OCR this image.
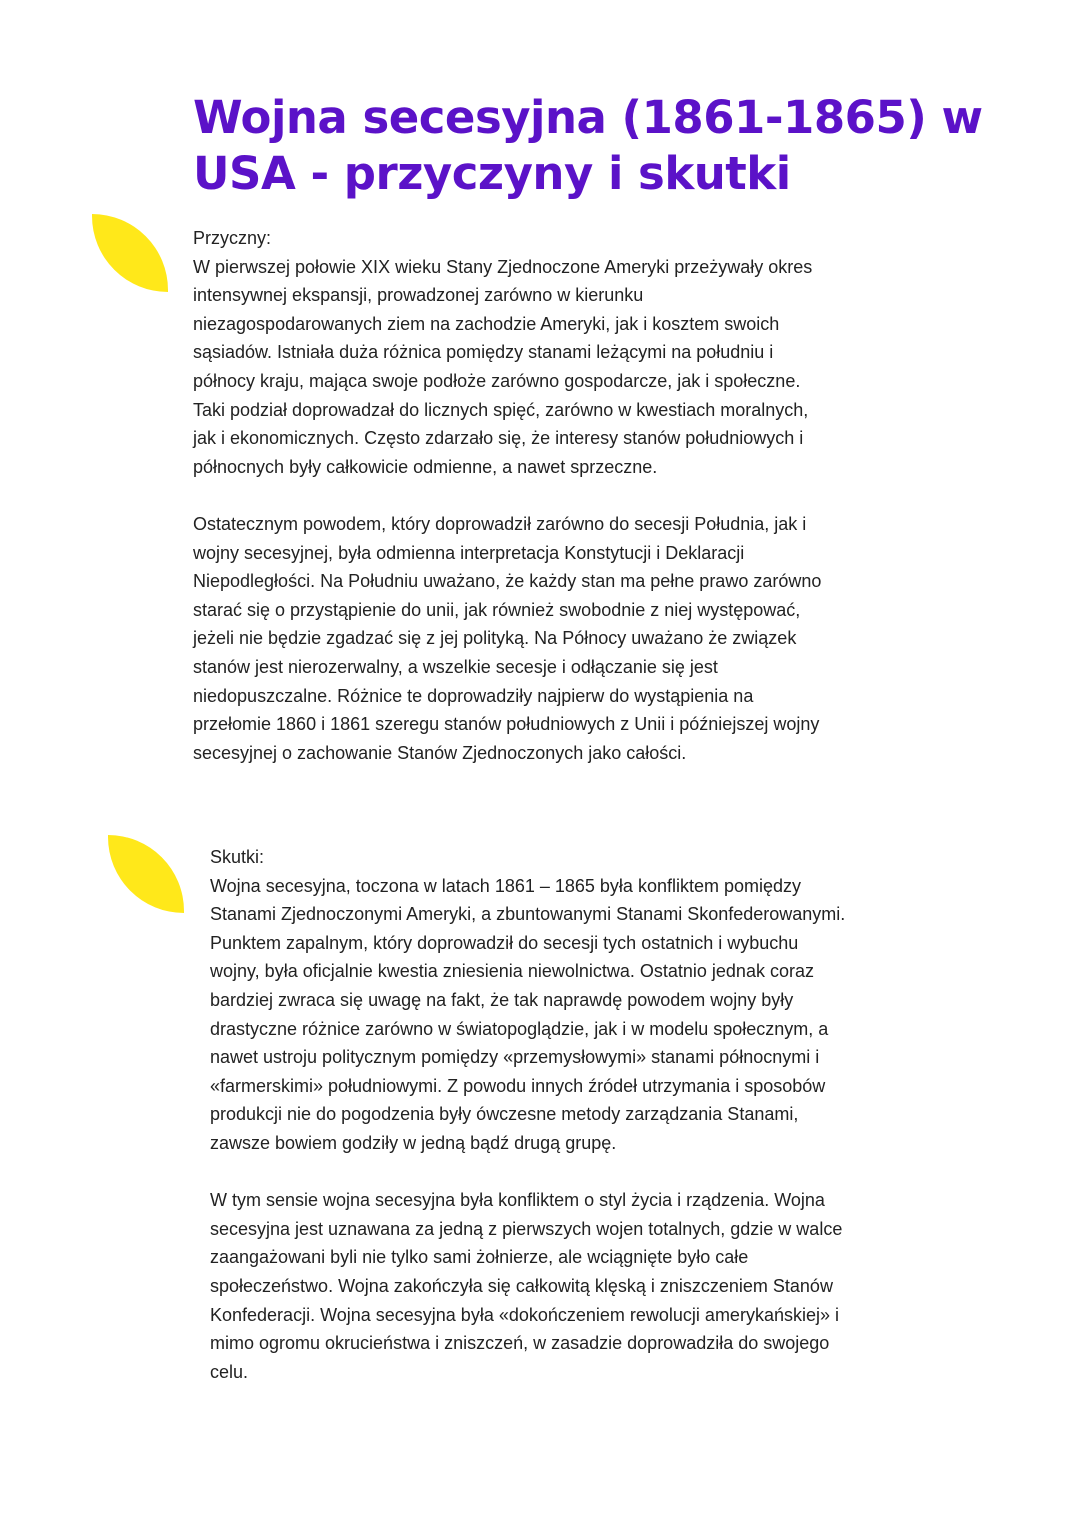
Wojna secesyjna (1861-1865) w
USA - przyczyny i skutki

Przyczny:

W pierwszej połowie XIX wieku Stany Zjednoczone Ameryki przeżywały okres
intensywnej ekspansji, prowadzonej zarówno w kierunku
niezagospodarowanych ziem na zachodzie Ameryki, jak i kosztem swoich
sąsiadów. Istniała duża różnica pomiędzy stanami leżącymi na południu i
północy kraju, mająca swoje podłoże zarówno gospodarcze, jak i społeczne.
Taki podział doprowadzał do licznych spięć, zarówno w kwestiach moralnych,
jak i ekonomicznych. Często zdarzało się, że interesy stanów południowych i
północnych były całkowicie odmienne, a nawet sprzeczne.

Ostatecznym powodem, który doprowadził zarówno do secesji Południa, jak i
wojny secesyjnej, była odmienna interpretacja Konstytucji i Deklaracji
Niepodległości. Na Południu uważano, że każdy stan ma pełne prawo zarówno
starać się o przystąpienie do unii, jak również swobodnie z niej występować,
jeżeli nie będzie zgadzać się z jej polityką. Na Północy uważano że związek
stanów jest nierozerwalny, a wszelkie secesje i odłączanie się jest
niedopuszczalne. Różnice te doprowadziły najpierw do wystąpienia na
przełomie 1860 i 1861 szeregu stanów południowych z Unii i późniejszej wojny
secesyjnej o zachowanie Stanów Zjednoczonych jako całości.

Skutki:

Wojna secesyjna, toczona w latach 1861 – 1865 była konfliktem pomiędzy
Stanami Zjednoczonymi Ameryki, a zbuntowanymi Stanami Skonfederowanymi.
Punktem zapalnym, który doprowadził do secesji tych ostatnich i wybuchu
wojny, była oficjalnie kwestia zniesienia niewolnictwa. Ostatnio jednak coraz
bardziej zwraca się uwagę na fakt, że tak naprawdę powodem wojny były
drastyczne różnice zarówno w światopoglądzie, jak i w modelu społecznym, a
nawet ustroju politycznym pomiędzy «przemysłowymi» stanami północnymi i
«farmerskimi» południowymi. Z powodu innych źródeł utrzymania i sposobów
produkcji nie do pogodzenia były ówczesne metody zarządzania Stanami,
zawsze bowiem godziły w jedną bądź drugą grupę.

W tym sensie wojna secesyjna była konfliktem o styl życia i rządzenia. Wojna
secesyjna jest uznawana za jedną z pierwszych wojen totalnych, gdzie w walce
zaangażowani byli nie tylko sami żołnierze, ale wciągnięte było całe
społeczeństwo. Wojna zakończyła się całkowitą klęską i zniszczeniem Stanów
Konfederacji. Wojna secesyjna była «dokończeniem rewolucji amerykańskiej» i
mimo ogromu okrucieństwa i zniszczeń, w zasadzie doprowadziła do swojego
celu.
